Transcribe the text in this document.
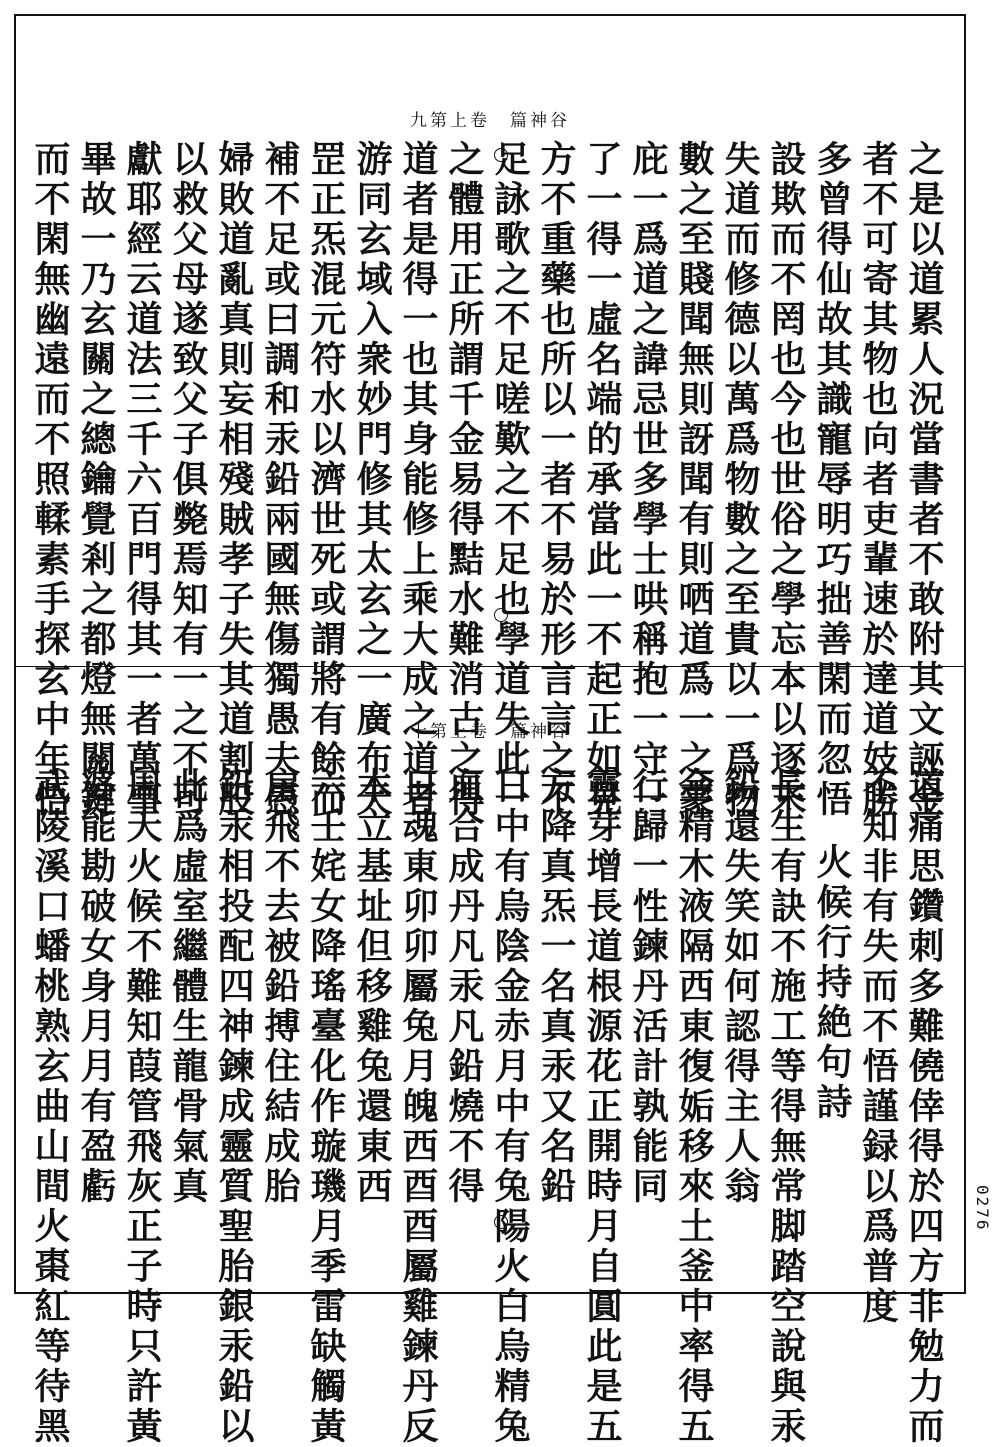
九第上卷　篇神谷
之是以道累人況當書者不敢附其文誣金
者不可寄其物也向者吏輩速於達道妓勝
多曾得仙故其識寵辱明巧拙善閑而忽悟
設欺而不罔也今也世俗之學忘本以逐末
失道而修德以萬爲物數之至貴以一爲物
數之至賤聞無則訝聞有則哂道爲一之蒙
庇一爲道之諱忌世多學士哄稱抱一守一
了一得一虛名端的承當此一不起正如見
方不重藥也所以一者不易於形言言之不
足詠歌之不足嗟歎之不足也學道失此一
之體用正所謂千金易得黠水難消古之得
道者是得一也其身能修上乘大成之道者
游同玄域入衆妙門修其太玄之一廣布天
罡正炁混元符水以濟世死或謂將有餘而
補不足或曰調和汞鉛兩國無傷獨愚夫愚
婦敗道亂真則妄相殘賊孝子失其道割股
以救父母遂致父子俱斃焉知有一之不可
獻耶經云道法三千六百門得其一者萬事
畢故一乃玄關之總鑰覺剎之都燈無關鍵
而不閑無幽遠而不照輮素手探玄中年悟	十第上卷　篇神谷
道痛思鑽刺多難僥倖得於四方非勉力而
不知非有失而不悟謹録以爲普度
火候行持絶句詩
長生有訣不施工等得無常脚踏空說與汞
鉛還失笑如何認得主人翁
金精木液隔西東復姤移來土釜中率得五
行歸一性鍊丹活計孰能同
靈芽增長道根源花正開時月自圓此是五
方降真炁一名真汞又名鉛
日中有烏陰金赤月中有兔陽火白烏精兔
血合成丹凡汞凡鉛燒不得
日魂東卯卯屬兔月魄西酉酉屬雞鍊丹反
本立基址但移雞兔還東西
六壬姹女降瑤臺化作璇璣月季雷缺觸黃
房飛不去被鉛搏住結成胎
鉛汞相投配四神鍊成靈質聖胎銀汞鉛以
此爲虛室繼體生龍骨氣真
周天火候不難知葭管飛灰正子時只許黃
婆能勘破女身月月有盈虧
武陵溪口蟠桃熟玄曲山間火棗紅等待黑	0276
